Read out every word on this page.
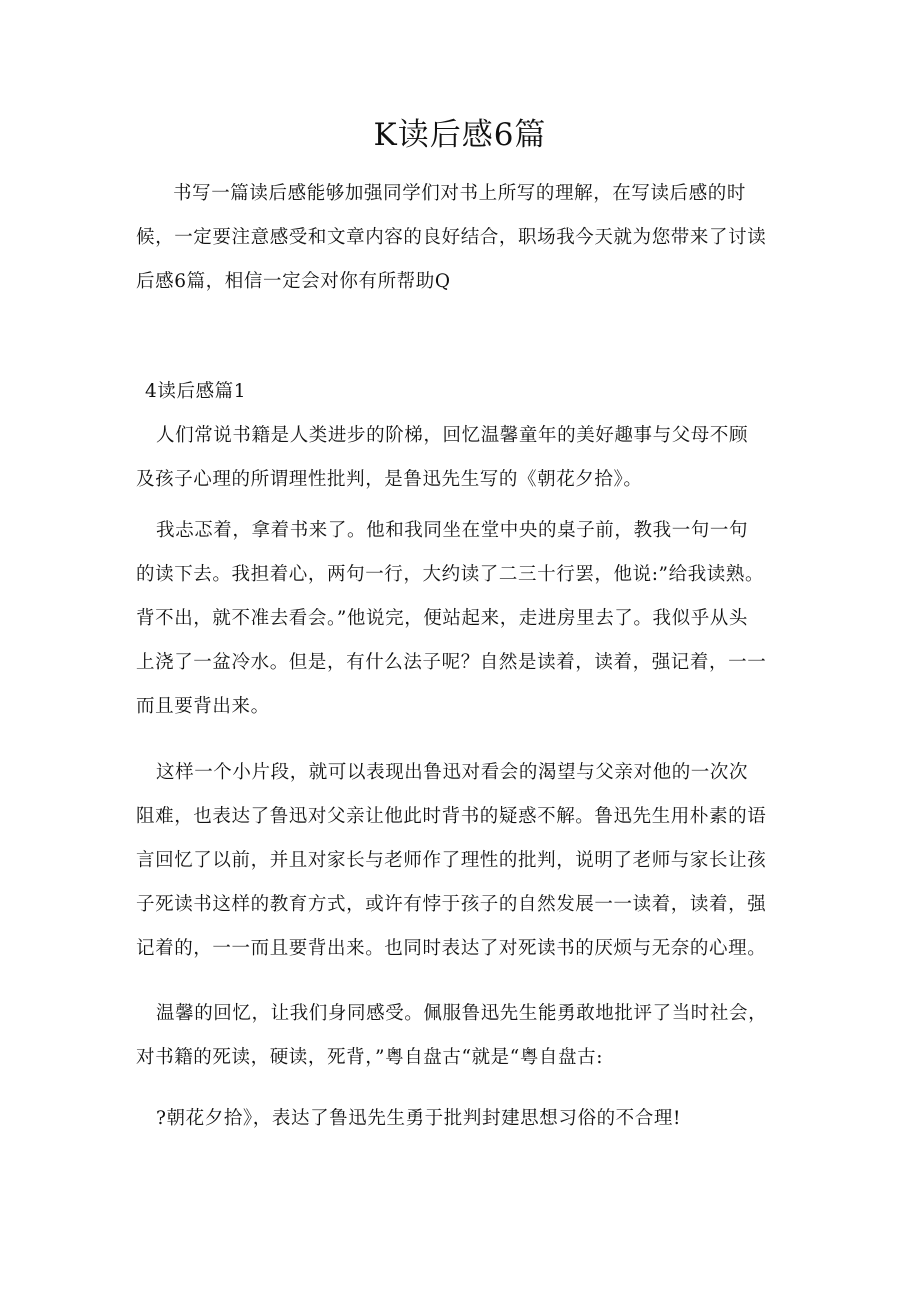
K读后感6篇
书写一篇读后感能够加强同学们对书上所写的理解，在写读后感的时
候，一定要注意感受和文章内容的良好结合，职场我今天就为您带来了讨读
后感6篇，相信一定会对你有所帮助Q
4读后感篇1
人们常说书籍是人类进步的阶梯，回忆温馨童年的美好趣事与父母不顾
及孩子心理的所谓理性批判，是鲁迅先生写的《朝花夕拾》。
我忐忑着，拿着书来了。他和我同坐在堂中央的桌子前，教我一句一句
的读下去。我担着心，两句一行，大约读了二三十行罢，他说:”给我读熟。
背不出，就不准去看会。”他说完，便站起来，走进房里去了。我似乎从头
上浇了一盆冷水。但是，有什么法子呢？自然是读着，读着，强记着，一一
而且要背出来。
这样一个小片段，就可以表现出鲁迅对看会的渴望与父亲对他的一次次
阻难，也表达了鲁迅对父亲让他此时背书的疑惑不解。鲁迅先生用朴素的语
言回忆了以前，并且对家长与老师作了理性的批判，说明了老师与家长让孩
子死读书这样的教育方式，或许有悖于孩子的自然发展一一读着，读着，强
记着的，一一而且要背出来。也同时表达了对死读书的厌烦与无奈的心理。
温馨的回忆，让我们身同感受。佩服鲁迅先生能勇敢地批评了当时社会，
对书籍的死读，硬读，死背，”粤自盘古“就是“粤自盘古:
?朝花夕拾》，表达了鲁迅先生勇于批判封建思想习俗的不合理!
